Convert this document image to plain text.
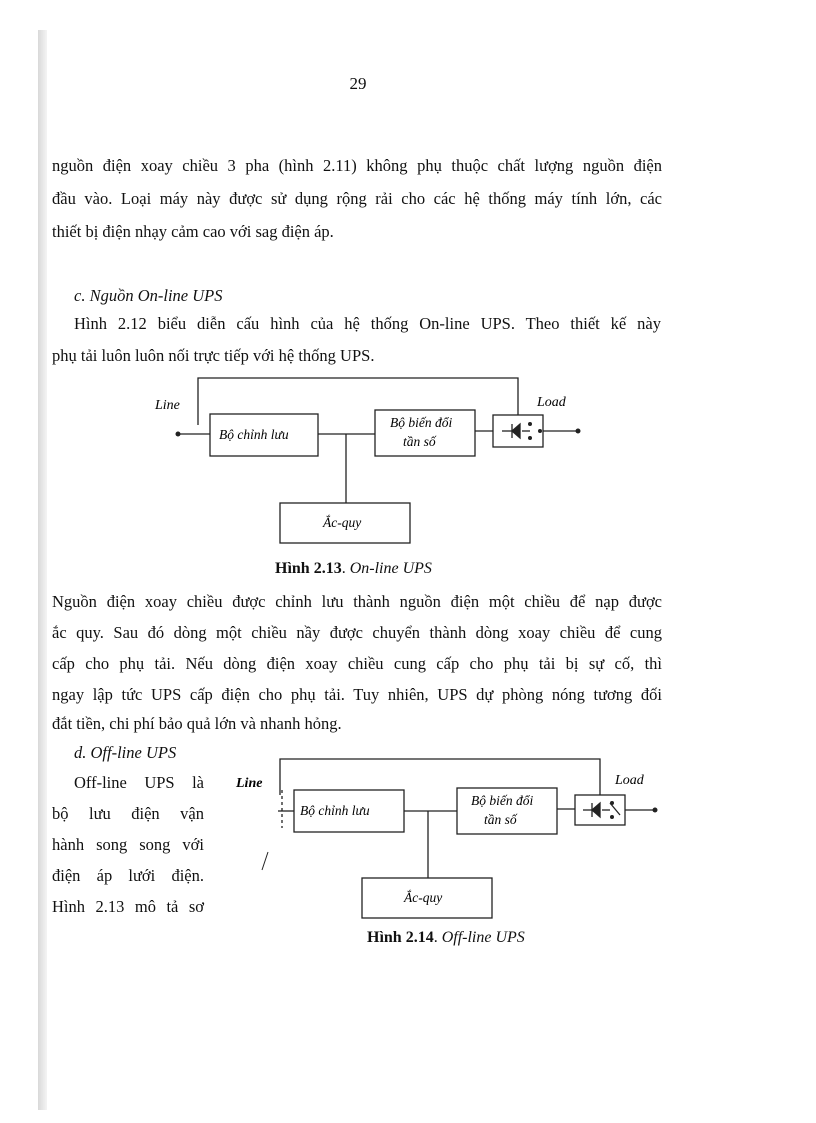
29
nguồn điện xoay chiều 3 pha (hình 2.11) không phụ thuộc chất lượng nguồn điện
đầu vào. Loại máy này được sử dụng rộng rải cho các hệ thống máy tính lớn, các
thiết bị điện nhạy cảm cao với sag điện áp.
c. Nguồn On-line UPS
Hình 2.12 biểu diễn cấu hình của hệ thống On-line UPS. Theo thiết kế này
phụ tải luôn luôn nối trực tiếp với hệ thống UPS.
Line	Load
Bộ chỉnh lưu
Bộ biến đổi
tần số
Ắc-quy
Hình 2.13. On-line UPS
Nguồn điện xoay chiều được chỉnh lưu thành nguồn điện một chiều để nạp được
ắc quy. Sau đó dòng một chiều nầy được chuyển thành dòng xoay chiều để cung
cấp cho phụ tải. Nếu dòng điện xoay chiều cung cấp cho phụ tải bị sự cố, thì
ngay lập tức UPS cấp điện cho phụ tải. Tuy nhiên, UPS dự phòng nóng tương đối
đắt tiền, chi phí bảo quả lớn và nhanh hỏng.
d. Off-line UPS
Off-line UPS là
bộ lưu điện vận
hành song song với
điện áp lưới điện.
Hình 2.13 mô tả sơ
Line	Load
Bộ chỉnh lưu
Bộ biến đổi
tần số
Ắc-quy
Hình 2.14. Off-line UPS
